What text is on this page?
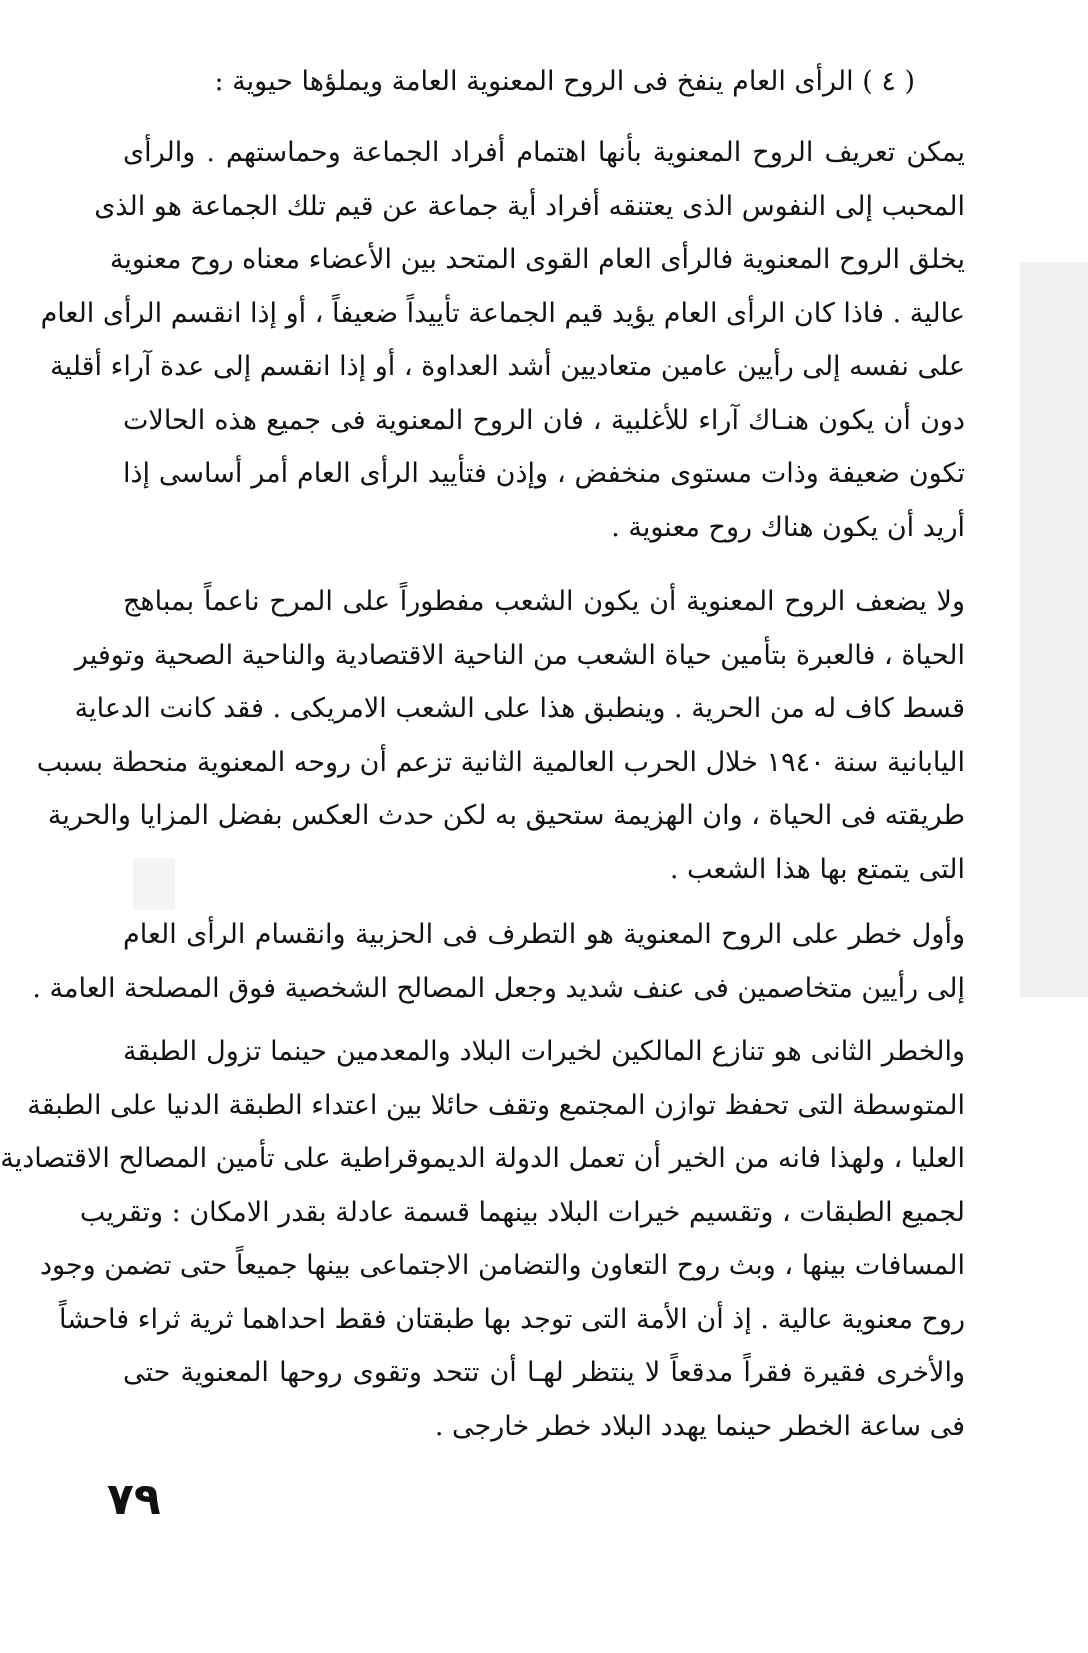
( ٤ ) الرأى العام ينفخ فى الروح المعنوية العامة ويملؤها حيوية :

يمكن تعريف الروح المعنوية بأنها اهتمام أفراد الجماعة وحماستهم . والرأى
المحبب إلى النفوس الذى يعتنقه أفراد أية جماعة عن قيم تلك الجماعة هو الذى
يخلق الروح المعنوية فالرأى العام القوى المتحد بين الأعضاء معناه روح معنوية
عالية . فاذا كان الرأى العام يؤيد قيم الجماعة تأييداً ضعيفاً ، أو إذا انقسم الرأى العام
على نفسه إلى رأيين عامين متعاديين أشد العداوة ، أو إذا انقسم إلى عدة آراء أقلية
دون أن يكون هنـاك آراء للأغلبية ، فان الروح المعنوية فى جميع هذه الحالات
تكون ضعيفة وذات مستوى منخفض ، وإذن فتأييد الرأى العام أمر أساسى إذا
أريد أن يكون هناك روح معنوية .

ولا يضعف الروح المعنوية أن يكون الشعب مفطوراً على المرح ناعماً بمباهج
الحياة ، فالعبرة بتأمين حياة الشعب من الناحية الاقتصادية والناحية الصحية وتوفير
قسط كاف له من الحرية . وينطبق هذا على الشعب الامريكى . فقد كانت الدعاية
اليابانية سنة ١٩٤٠ خلال الحرب العالمية الثانية تزعم أن روحه المعنوية منحطة بسبب
طريقته فى الحياة ، وان الهزيمة ستحيق به لكن حدث العكس بفضل المزايا والحرية
التى يتمتع بها هذا الشعب .

وأول خطر على الروح المعنوية هو التطرف فى الحزبية وانقسام الرأى العام
إلى رأيين متخاصمين فى عنف شديد وجعل المصالح الشخصية فوق المصلحة العامة .

والخطر الثانى هو تنازع المالكين لخيرات البلاد والمعدمين حينما تزول الطبقة
المتوسطة التى تحفظ توازن المجتمع وتقف حائلا بين اعتداء الطبقة الدنيا على الطبقة
العليا ، ولهذا فانه من الخير أن تعمل الدولة الديموقراطية على تأمين المصالح الاقتصادية
لجميع الطبقات ، وتقسيم خيرات البلاد بينهما قسمة عادلة بقدر الامكان : وتقريب
المسافات بينها ، وبث روح التعاون والتضامن الاجتماعى بينها جميعاً حتى تضمن وجود
روح معنوية عالية . إذ أن الأمة التى توجد بها طبقتان فقط احداهما ثرية ثراء فاحشاً
والأخرى فقيرة فقراً مدقعاً لا ينتظر لهـا أن تتحد وتقوى روحها المعنوية حتى
فى ساعة الخطر حينما يهدد البلاد خطر خارجى .

٧٩
